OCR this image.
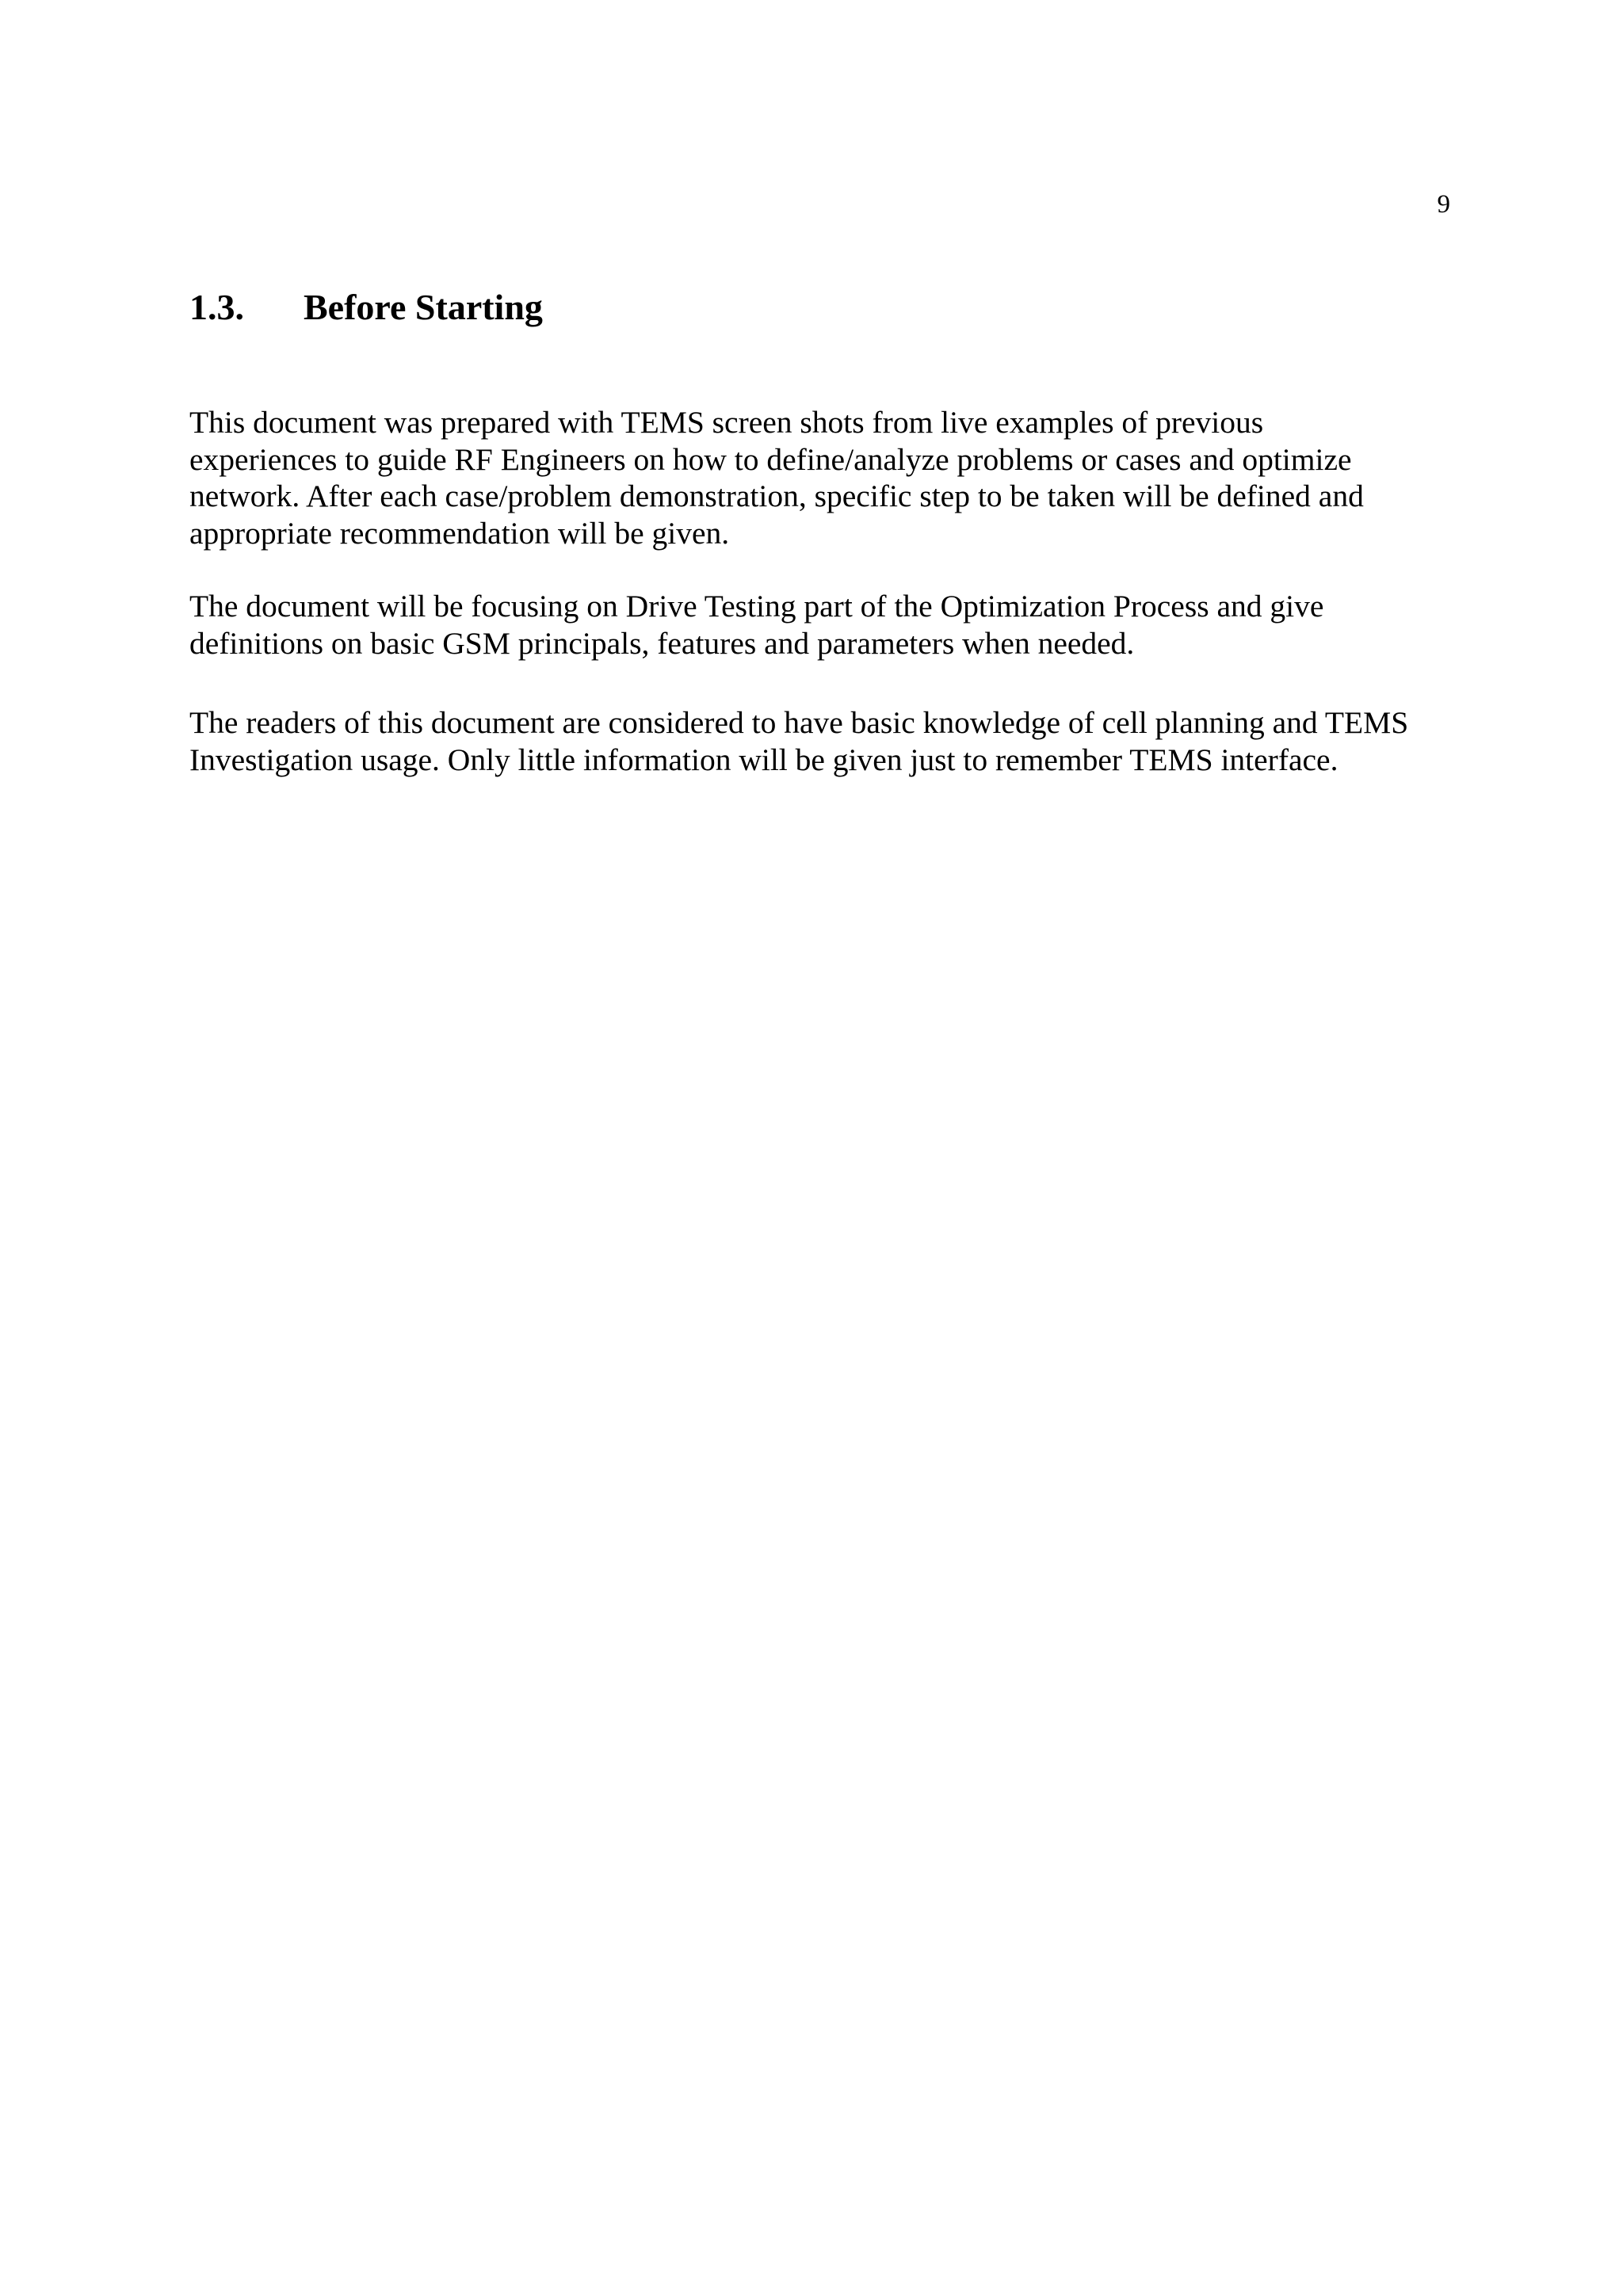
9
1.3. Before Starting

This document was prepared with TEMS screen shots from live examples of previous
experiences to guide RF Engineers on how to define/analyze problems or cases and optimize
network. After each case/problem demonstration, specific step to be taken will be defined and
appropriate recommendation will be given.

The document will be focusing on Drive Testing part of the Optimization Process and give
definitions on basic GSM principals, features and parameters when needed.

The readers of this document are considered to have basic knowledge of cell planning and TEMS
Investigation usage. Only little information will be given just to remember TEMS interface.
